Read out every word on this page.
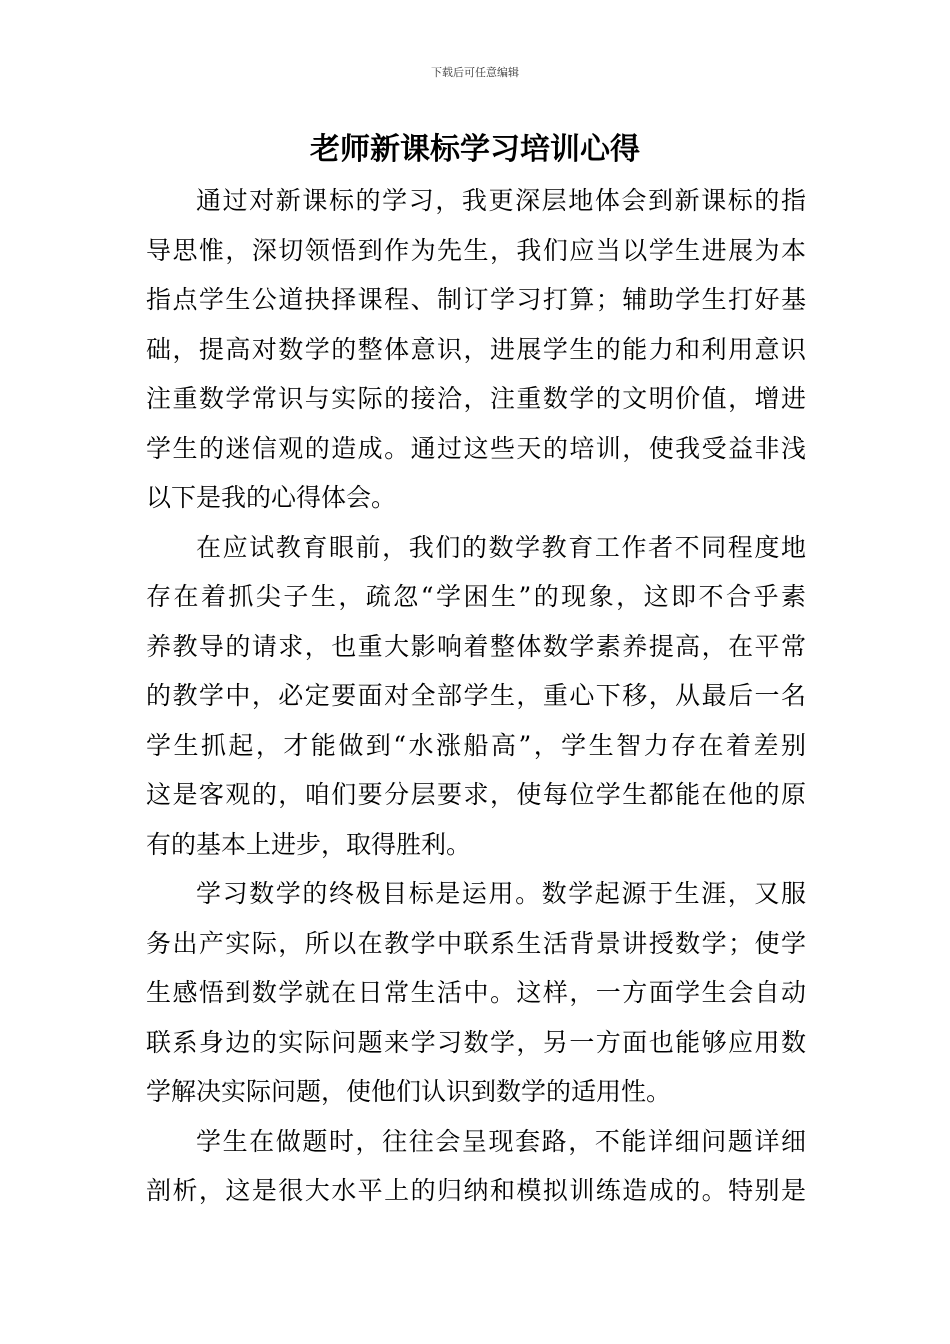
下载后可任意编辑
老师新课标学习培训心得

通过对新课标的学习，我更深层地体会到新课标的指
导思惟，深切领悟到作为先生，我们应当以学生进展为本
指点学生公道抉择课程、制订学习打算；辅助学生打好基
础，提高对数学的整体意识，进展学生的能力和利用意识
注重数学常识与实际的接洽，注重数学的文明价值，增进
学生的迷信观的造成。通过这些天的培训，使我受益非浅
以下是我的心得体会。

在应试教育眼前，我们的数学教育工作者不同程度地
存在着抓尖子生，疏忽“学困生”的现象，这即不合乎素
养教导的请求，也重大影响着整体数学素养提高，在平常
的教学中，必定要面对全部学生，重心下移，从最后一名
学生抓起，才能做到“水涨船高”，学生智力存在着差别
这是客观的，咱们要分层要求，使每位学生都能在他的原
有的基本上进步，取得胜利。

学习数学的终极目标是运用。数学起源于生涯，又服
务出产实际，所以在教学中联系生活背景讲授数学；使学
生感悟到数学就在日常生活中。这样，一方面学生会自动
联系身边的实际问题来学习数学，另一方面也能够应用数
学解决实际问题，使他们认识到数学的适用性。

学生在做题时，往往会呈现套路，不能详细问题详细
剖析，这是很大水平上的归纳和模拟训练造成的。特别是
